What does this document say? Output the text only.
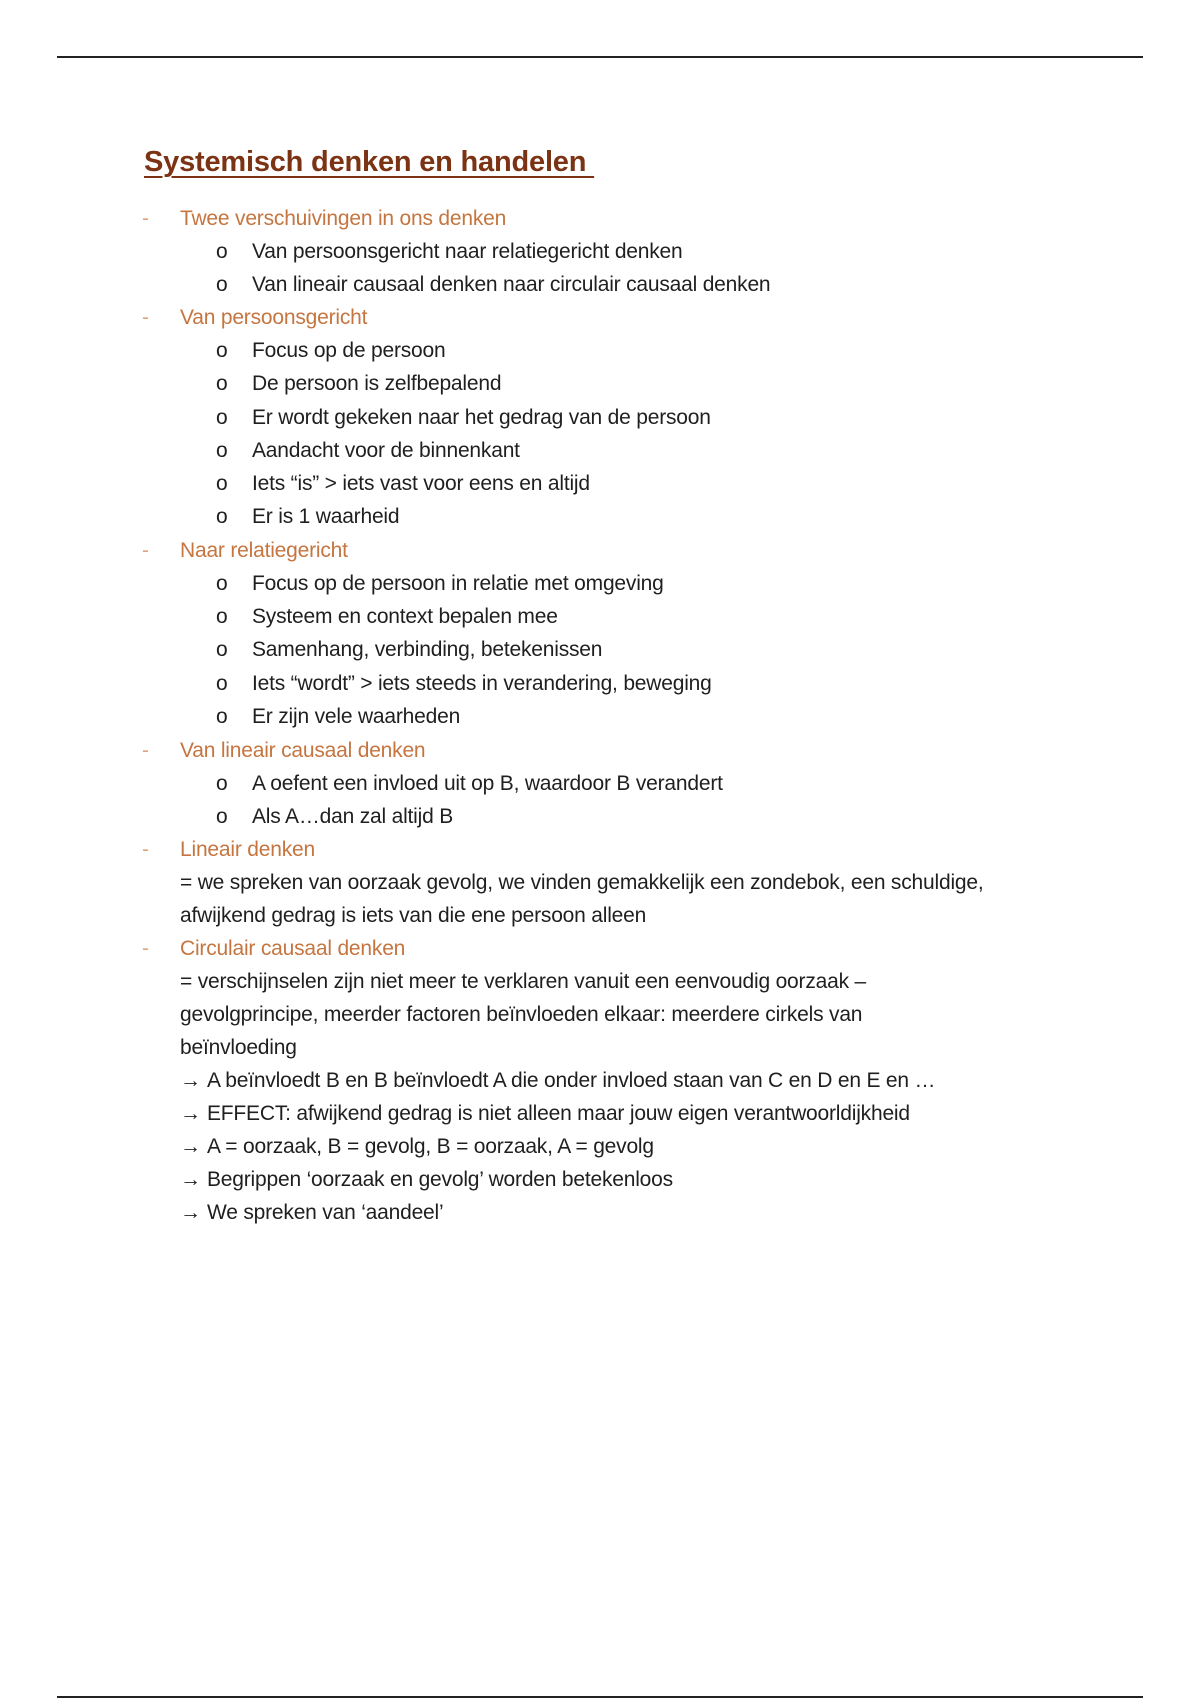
Systemisch denken en handelen
- Twee verschuivingen in ons denken
o Van persoonsgericht naar relatiegericht denken
o Van lineair causaal denken naar circulair causaal denken
- Van persoonsgericht
o Focus op de persoon
o De persoon is zelfbepalend
o Er wordt gekeken naar het gedrag van de persoon
o Aandacht voor de binnenkant
o Iets “is” > iets vast voor eens en altijd
o Er is 1 waarheid
- Naar relatiegericht
o Focus op de persoon in relatie met omgeving
o Systeem en context bepalen mee
o Samenhang, verbinding, betekenissen
o Iets “wordt” > iets steeds in verandering, beweging
o Er zijn vele waarheden
- Van lineair causaal denken
o A oefent een invloed uit op B, waardoor B verandert
o Als A…dan zal altijd B
- Lineair denken
= we spreken van oorzaak gevolg, we vinden gemakkelijk een zondebok, een schuldige,
afwijkend gedrag is iets van die ene persoon alleen
- Circulair causaal denken
= verschijnselen zijn niet meer te verklaren vanuit een eenvoudig oorzaak –
gevolgprincipe, meerder factoren beïnvloeden elkaar: meerdere cirkels van
beïnvloeding
→ A beïnvloedt B en B beïnvloedt A die onder invloed staan van C en D en E en …
→ EFFECT: afwijkend gedrag is niet alleen maar jouw eigen verantwoorldijkheid
→ A = oorzaak, B = gevolg, B = oorzaak, A = gevolg
→ Begrippen ‘oorzaak en gevolg’ worden betekenloos
→ We spreken van ‘aandeel’
